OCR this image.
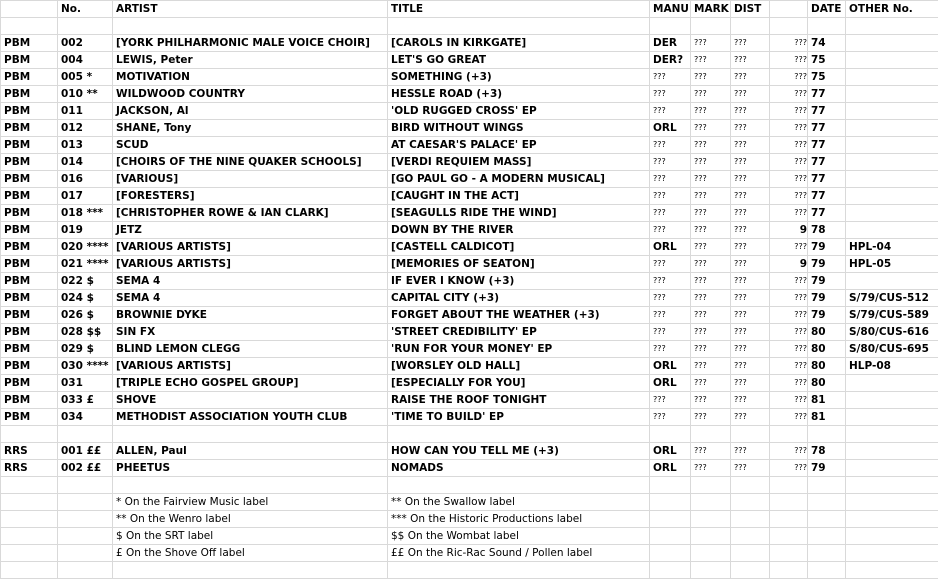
	No.	ARTIST	TITLE	MANU	MARK	DIST		DATE	OTHER No.

PBM	002	[YORK PHILHARMONIC MALE VOICE CHOIR]	[CAROLS IN KIRKGATE]	DER	???	???	???	74	
PBM	004	LEWIS, Peter	LET'S GO GREAT	DER?	???	???	???	75	
PBM	005 *	MOTIVATION	SOMETHING (+3)	???	???	???	???	75	
PBM	010 **	WILDWOOD COUNTRY	HESSLE ROAD (+3)	???	???	???	???	77	
PBM	011	JACKSON, Al	'OLD RUGGED CROSS' EP	???	???	???	???	77	
PBM	012	SHANE, Tony	BIRD WITHOUT WINGS	ORL	???	???	???	77	
PBM	013	SCUD	AT CAESAR'S PALACE' EP	???	???	???	???	77	
PBM	014	[CHOIRS OF THE NINE QUAKER SCHOOLS]	[VERDI REQUIEM MASS]	???	???	???	???	77	
PBM	016	[VARIOUS]	[GO PAUL GO - A MODERN MUSICAL]	???	???	???	???	77	
PBM	017	[FORESTERS]	[CAUGHT IN THE ACT]	???	???	???	???	77	
PBM	018 ***	[CHRISTOPHER ROWE & IAN CLARK]	[SEAGULLS RIDE THE WIND]	???	???	???	???	77	
PBM	019	JETZ	DOWN BY THE RIVER	???	???	???	9	78	
PBM	020 ****	[VARIOUS ARTISTS]	[CASTELL CALDICOT]	ORL	???	???	???	79	HPL-04
PBM	021 ****	[VARIOUS ARTISTS]	[MEMORIES OF SEATON]	???	???	???	9	79	HPL-05
PBM	022 $	SEMA 4	IF EVER I KNOW (+3)	???	???	???	???	79	
PBM	024 $	SEMA 4	CAPITAL CITY (+3)	???	???	???	???	79	S/79/CUS-512
PBM	026 $	BROWNIE DYKE	FORGET ABOUT THE WEATHER (+3)	???	???	???	???	79	S/79/CUS-589
PBM	028 $$	SIN FX	'STREET CREDIBILITY' EP	???	???	???	???	80	S/80/CUS-616
PBM	029 $	BLIND LEMON CLEGG	'RUN FOR YOUR MONEY' EP	???	???	???	???	80	S/80/CUS-695
PBM	030 ****	[VARIOUS ARTISTS]	[WORSLEY OLD HALL]	ORL	???	???	???	80	HLP-08
PBM	031	[TRIPLE ECHO GOSPEL GROUP]	[ESPECIALLY FOR YOU]	ORL	???	???	???	80	
PBM	033 £	SHOVE	RAISE THE ROOF TONIGHT	???	???	???	???	81	
PBM	034	METHODIST ASSOCIATION YOUTH CLUB	'TIME TO BUILD' EP	???	???	???	???	81	

RRS	001 ££	ALLEN, Paul	HOW CAN YOU TELL ME (+3)	ORL	???	???	???	78	
RRS	002 ££	PHEETUS	NOMADS	ORL	???	???	???	79	

		* On the Fairview Music label	** On the Swallow label						
		** On the Wenro label	*** On the Historic Productions label						
		$ On the SRT label	$$ On the Wombat label						
		£ On the Shove Off label	££ On the Ric-Rac Sound / Pollen label						
